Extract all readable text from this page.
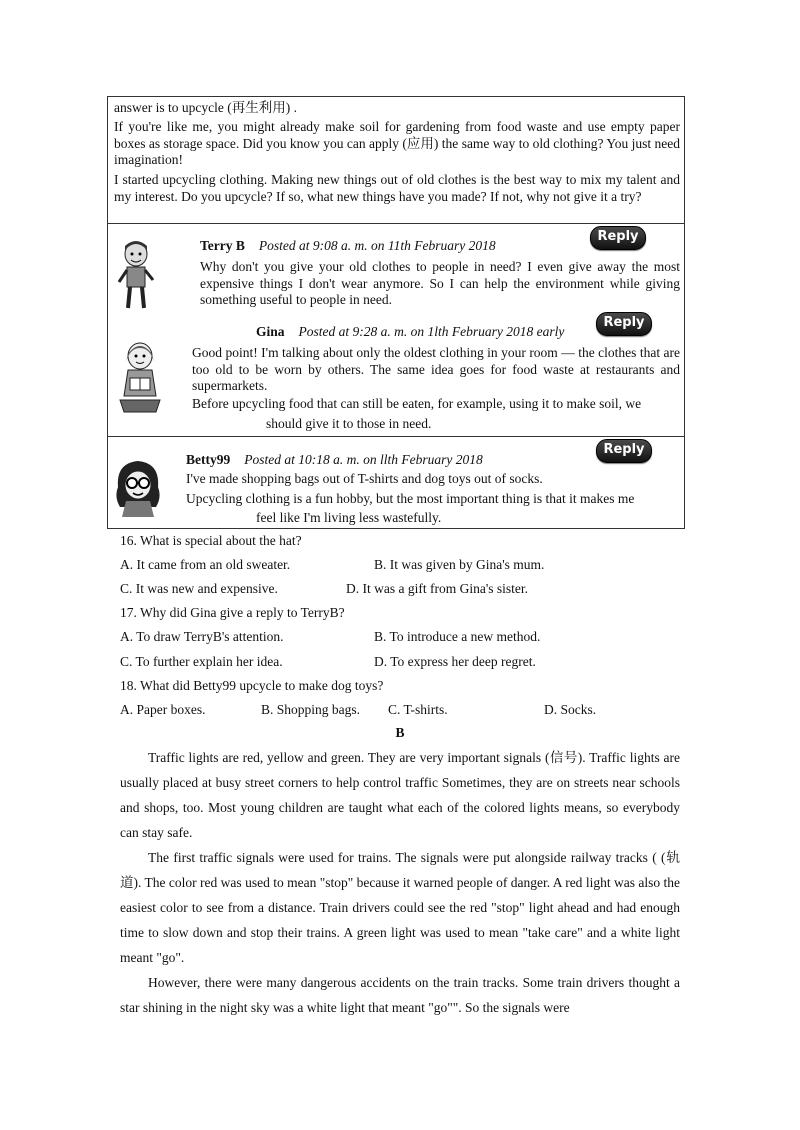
answer is to upcycle (再生利用) .

If you're like me, you might already make soil for gardening from food waste and use empty paper boxes as storage space. Did you know you can apply (应用) the same way to old clothing? You just need imagination!

I started upcycling clothing. Making new things out of old clothes is the best way to mix my talent and my interest. Do you upcycle? If so, what new things have you made? If not, why not give it a try?

Terry B Posted at 9:08 a. m. on 11th February 2018

Reply

Why don't you give your old clothes to people in need? I even give away the most expensive things I don't wear anymore. So I can help the environment while giving something useful to people in need.

Gina Posted at 9:28 a. m. on 1lth February 2018 early

Reply

Good point! I'm talking about only the oldest clothing in your room — the clothes that are too old to be worn by others. The same idea goes for food waste at restaurants and supermarkets.

Before upcycling food that can still be eaten, for example, using it to make soil, we

should give it to those in need.

Betty99 Posted at 10:18 a. m. on llth February 2018

Reply

I've made shopping bags out of T-shirts and dog toys out of socks.

Upcycling clothing is a fun hobby, but the most important thing is that it makes me

feel like I'm living less wastefully.

16. What is special about the hat?

A. It came from an old sweater.	B. It was given by Gina's mum.

C. It was new and expensive.	D. It was a gift from Gina's sister.

17. Why did Gina give a reply to TerryB?

A. To draw TerryB's attention.	B. To introduce a new method.

C. To further explain her idea.	D. To express her deep regret.

18. What did Betty99 upcycle to make dog toys?

A. Paper boxes.	B. Shopping bags. C. T-shirts.	D. Socks.

B

Traffic lights are red, yellow and green. They are very important signals (信号). Traffic lights are usually placed at busy street corners to help control traffic Sometimes, they are on streets near schools and shops, too. Most young children are taught what each of the colored lights means, so everybody can stay safe.

The first traffic signals were used for trains. The signals were put alongside railway tracks ( (轨道). The color red was used to mean "stop" because it warned people of danger. A red light was also the easiest color to see from a distance. Train drivers could see the red "stop" light ahead and had enough time to slow down and stop their trains. A green light was used to mean "take care" and a white light meant "go".

However, there were many dangerous accidents on the train tracks. Some train drivers thought a star shining in the night sky was a white light that meant "go"". So the signals were
